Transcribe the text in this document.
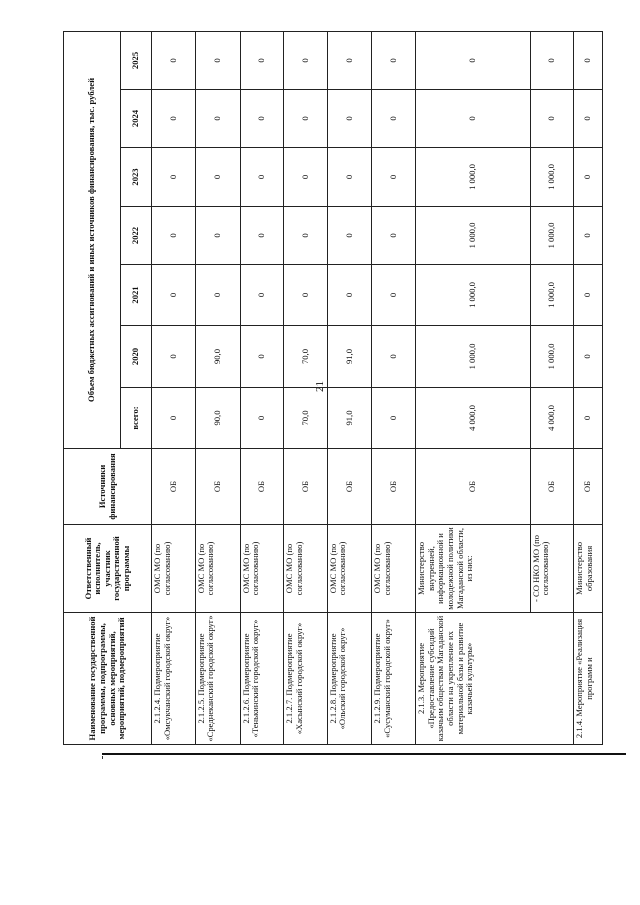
21
Наименование государственной программы, подпрограммы, основных мероприятий, мероприятий, подмероприятий	Ответственный исполнитель, участник государственной программы	Источники финансирования	Объем бюджетных ассигнований и иных источников финансирования, тыс. рублей						
			всего:	2020	2021	2022	2023	2024	2025
2.1.2.4. Подмероприятие «Омсукчанский городской округ»	ОМС МО (по согласованию)	ОБ	0	0	0	0	0	0	0
2.1.2.5. Подмероприятие «Среднеканский городской округ»	ОМС МО (по согласованию)	ОБ	90,0	90,0	0	0	0	0	0
2.1.2.6. Подмероприятие «Тенькинский городской округ»	ОМС МО (по согласованию)	ОБ	0	0	0	0	0	0	0
2.1.2.7. Подмероприятие «Хасынский городской округ»	ОМС МО (по согласованию)	ОБ	70,0	70,0	0	0	0	0	0
2.1.2.8. Подмероприятие «Ольский городской округ»	ОМС МО (по согласованию)	ОБ	91,0	91,0	0	0	0	0	0
2.1.2.9. Подмероприятие «Сусуманский городской округ»	ОМС МО (по согласованию)	ОБ	0	0	0	0	0	0	0
2.1.3. Мероприятие «Предоставление субсидий казачьим обществам Магаданской области на укрепление их материальной базы и развитие казачьей культуры»	Министерство внутренней, информационной и молодежной политики Магаданской области, из них:	ОБ	4 000,0	1 000,0	1 000,0	1 000,0	1 000,0	0	0
	- СО НКО МО (по согласованию)	ОБ	4 000,0	1 000,0	1 000,0	1 000,0	1 000,0	0	0
2.1.4. Мероприятие «Реализация программ и	Министерство образования	ОБ	0	0	0	0	0	0	0
